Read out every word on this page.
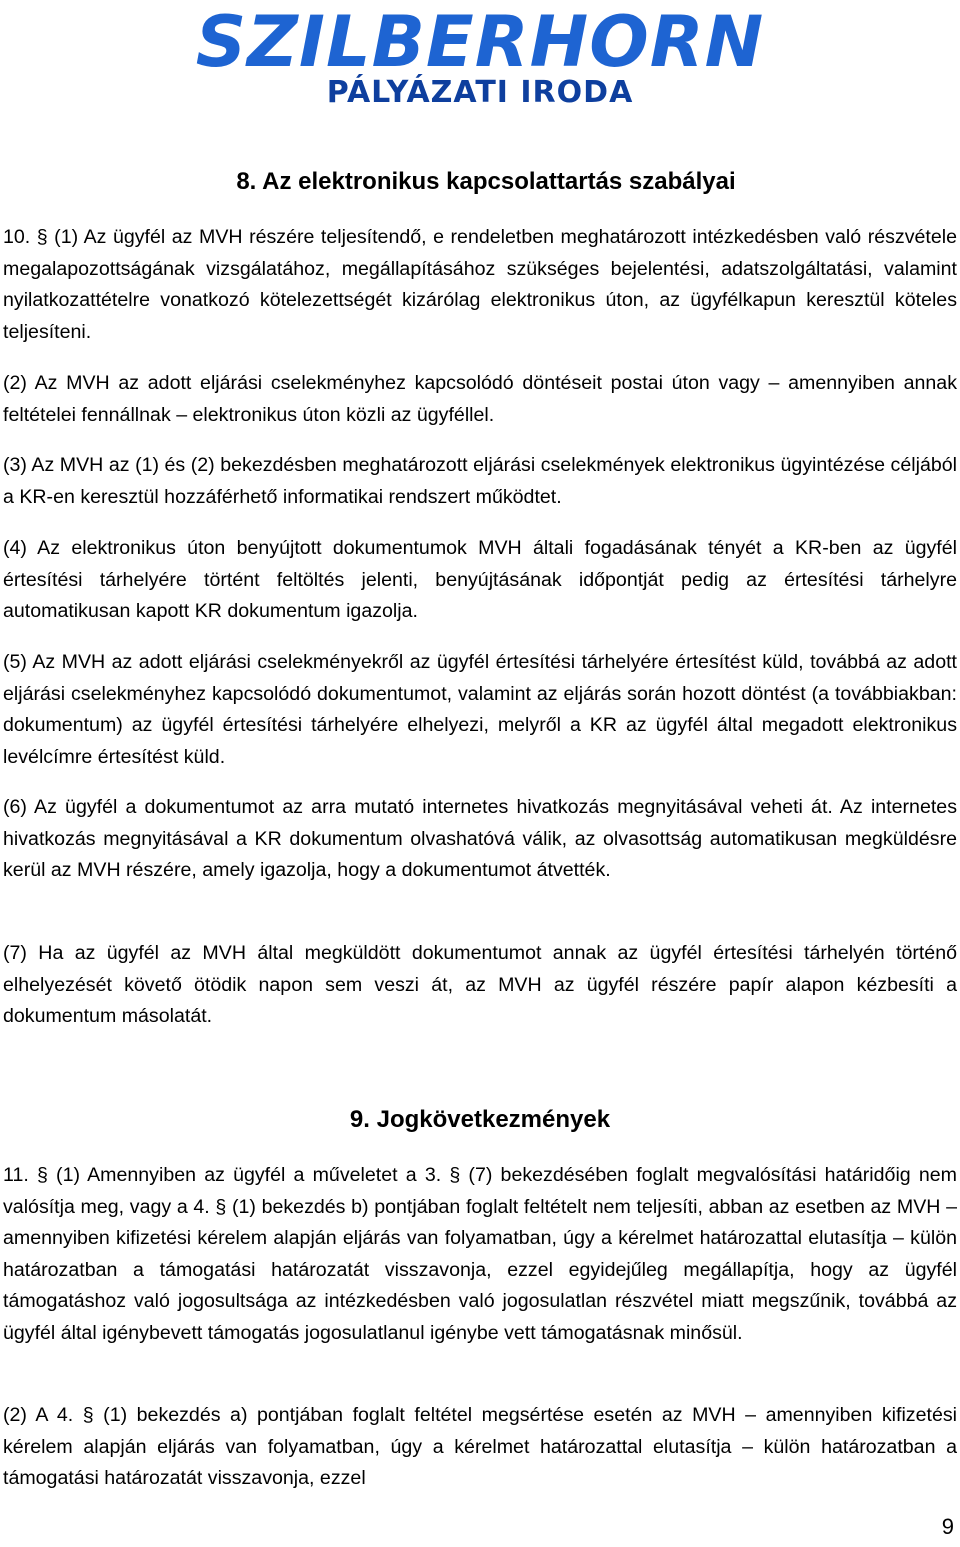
SZILBERHORN
PÁLYÁZATI IRODA
8. Az elektronikus kapcsolattartás szabályai

10. § (1) Az ügyfél az MVH részére teljesítendő, e rendeletben meghatározott intézkedésben való részvétele megalapozottságának vizsgálatához, megállapításához szükséges bejelentési, adatszolgáltatási, valamint nyilatkozattételre vonatkozó kötelezettségét kizárólag elektronikus úton, az ügyfélkapun keresztül köteles teljesíteni.

(2) Az MVH az adott eljárási cselekményhez kapcsolódó döntéseit postai úton vagy – amennyiben annak feltételei fennállnak – elektronikus úton közli az ügyféllel.

(3) Az MVH az (1) és (2) bekezdésben meghatározott eljárási cselekmények elektronikus ügyintézése céljából a KR-en keresztül hozzáférhető informatikai rendszert működtet.

(4) Az elektronikus úton benyújtott dokumentumok MVH általi fogadásának tényét a KR-ben az ügyfél értesítési tárhelyére történt feltöltés jelenti, benyújtásának időpontját pedig az értesítési tárhelyre automatikusan kapott KR dokumentum igazolja.

(5) Az MVH az adott eljárási cselekményekről az ügyfél értesítési tárhelyére értesítést küld, továbbá az adott eljárási cselekményhez kapcsolódó dokumentumot, valamint az eljárás során hozott döntést (a továbbiakban: dokumentum) az ügyfél értesítési tárhelyére elhelyezi, melyről a KR az ügyfél által megadott elektronikus levélcímre értesítést küld.

(6) Az ügyfél a dokumentumot az arra mutató internetes hivatkozás megnyitásával veheti át. Az internetes hivatkozás megnyitásával a KR dokumentum olvashatóvá válik, az olvasottság automatikusan megküldésre kerül az MVH részére, amely igazolja, hogy a dokumentumot átvették.

(7) Ha az ügyfél az MVH által megküldött dokumentumot annak az ügyfél értesítési tárhelyén történő elhelyezését követő ötödik napon sem veszi át, az MVH az ügyfél részére papír alapon kézbesíti a dokumentum másolatát.

9. Jogkövetkezmények

11. § (1) Amennyiben az ügyfél a műveletet a 3. § (7) bekezdésében foglalt megvalósítási határidőig nem valósítja meg, vagy a 4. § (1) bekezdés b) pontjában foglalt feltételt nem teljesíti, abban az esetben az MVH – amennyiben kifizetési kérelem alapján eljárás van folyamatban, úgy a kérelmet határozattal elutasítja – külön határozatban a támogatási határozatát visszavonja, ezzel egyidejűleg megállapítja, hogy az ügyfél támogatáshoz való jogosultsága az intézkedésben való jogosulatlan részvétel miatt megszűnik, továbbá az ügyfél által igénybevett támogatás jogosulatlanul igénybe vett támogatásnak minősül.

(2) A 4. § (1) bekezdés a) pontjában foglalt feltétel megsértése esetén az MVH – amennyiben kifizetési kérelem alapján eljárás van folyamatban, úgy a kérelmet határozattal elutasítja – külön határozatban a támogatási határozatát visszavonja, ezzel

9
